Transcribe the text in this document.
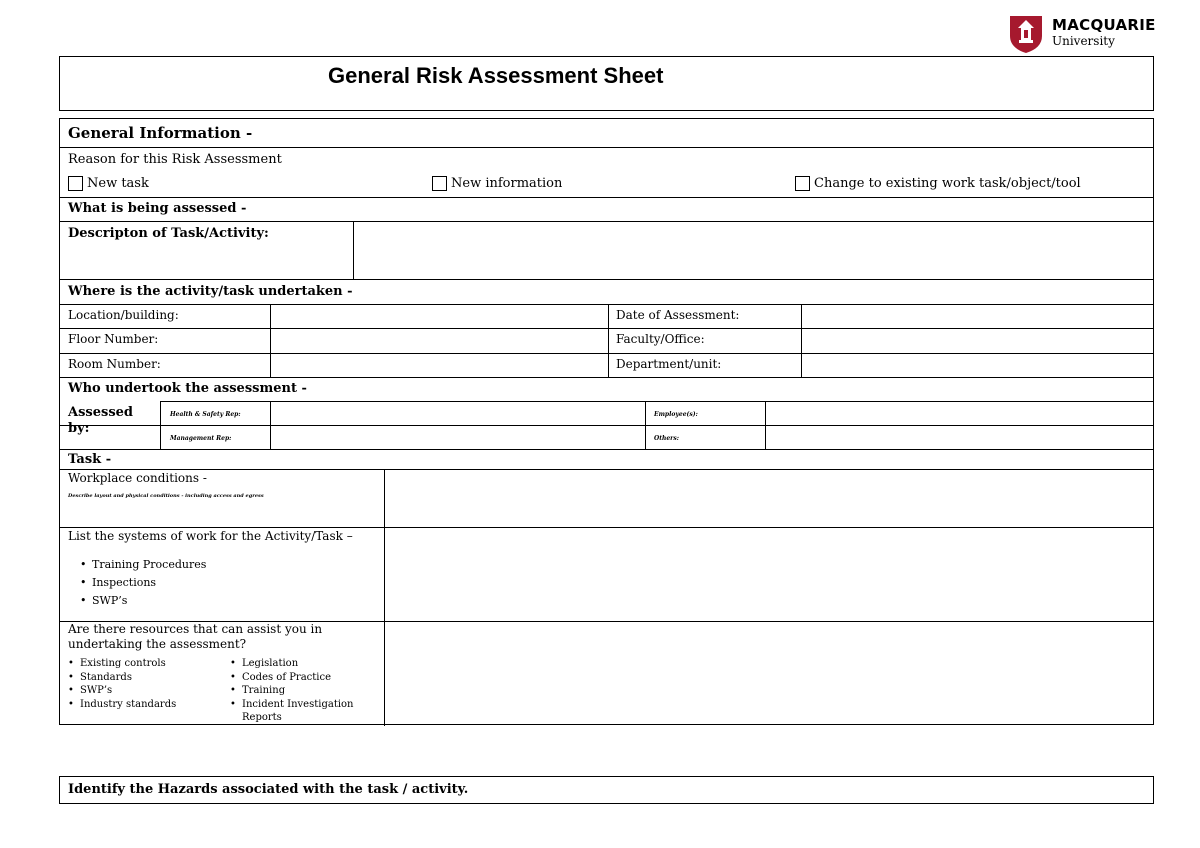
MACQUARIE
University
General Risk Assessment Sheet
General Information -
Reason for this Risk Assessment
New task	New information	Change to existing work task/object/tool
What is being assessed -
Descripton of Task/Activity:
Where is the activity/task undertaken -
Location/building:
Floor Number:
Room Number:
Date of Assessment:
Faculty/Office:
Department/unit:
Who undertook the assessment -
Assessed by:
Health & Safety Rep:
Management Rep:
Employee(s):
Others:
Task -
Workplace conditions -
Describe layout and physical conditions - including access and egress
List the systems of work for the Activity/Task –
• Training Procedures
• Inspections
• SWP’s
Are there resources that can assist you in
undertaking the assessment?
• Existing controls
• Standards
• SWP’s
• Industry standards
• Legislation
• Codes of Practice
• Training
• Incident Investigation
Reports
Identify the Hazards associated with the task / activity.
